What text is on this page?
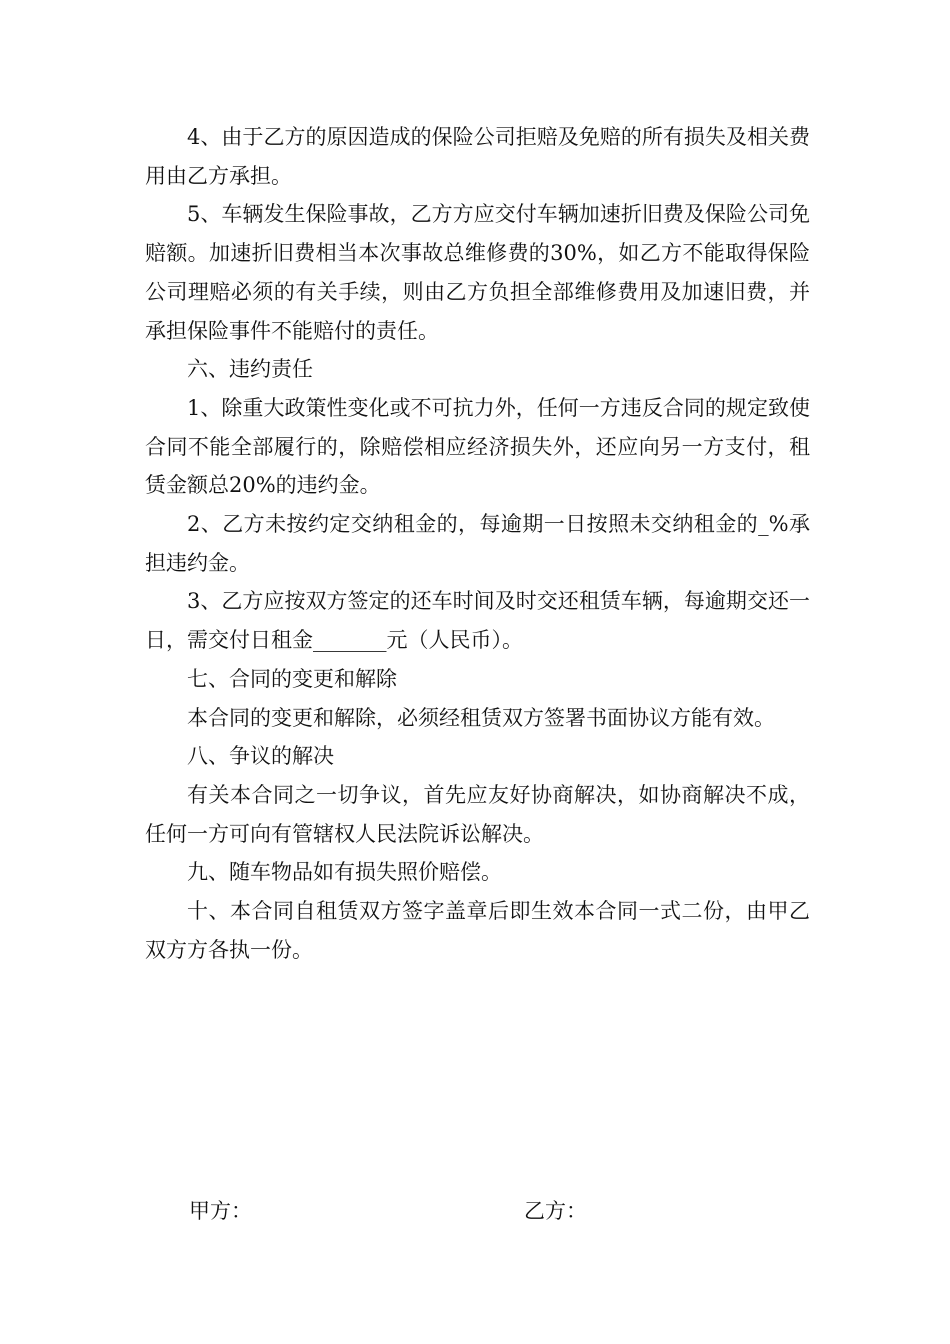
4、由于乙方的原因造成的保险公司拒赔及免赔的所有损失及相关费用由乙方承担。

5、车辆发生保险事故，乙方方应交付车辆加速折旧费及保险公司免赔额。加速折旧费相当本次事故总维修费的30%，如乙方不能取得保险公司理赔必须的有关手续，则由乙方负担全部维修费用及加速旧费，并承担保险事件不能赔付的责任。

六、违约责任

1、除重大政策性变化或不可抗力外，任何一方违反合同的规定致使合同不能全部履行的，除赔偿相应经济损失外，还应向另一方支付，租赁金额总20%的违约金。

2、乙方未按约定交纳租金的，每逾期一日按照未交纳租金的_%承担违约金。

3、乙方应按双方签定的还车时间及时交还租赁车辆，每逾期交还一日，需交付日租金_______元（人民币）。

七、合同的变更和解除

本合同的变更和解除，必须经租赁双方签署书面协议方能有效。

八、争议的解决

有关本合同之一切争议，首先应友好协商解决，如协商解决不成，任何一方可向有管辖权人民法院诉讼解决。

九、随车物品如有损失照价赔偿。

十、本合同自租赁双方签字盖章后即生效本合同一式二份，由甲乙双方方各执一份。

甲方：	乙方：
